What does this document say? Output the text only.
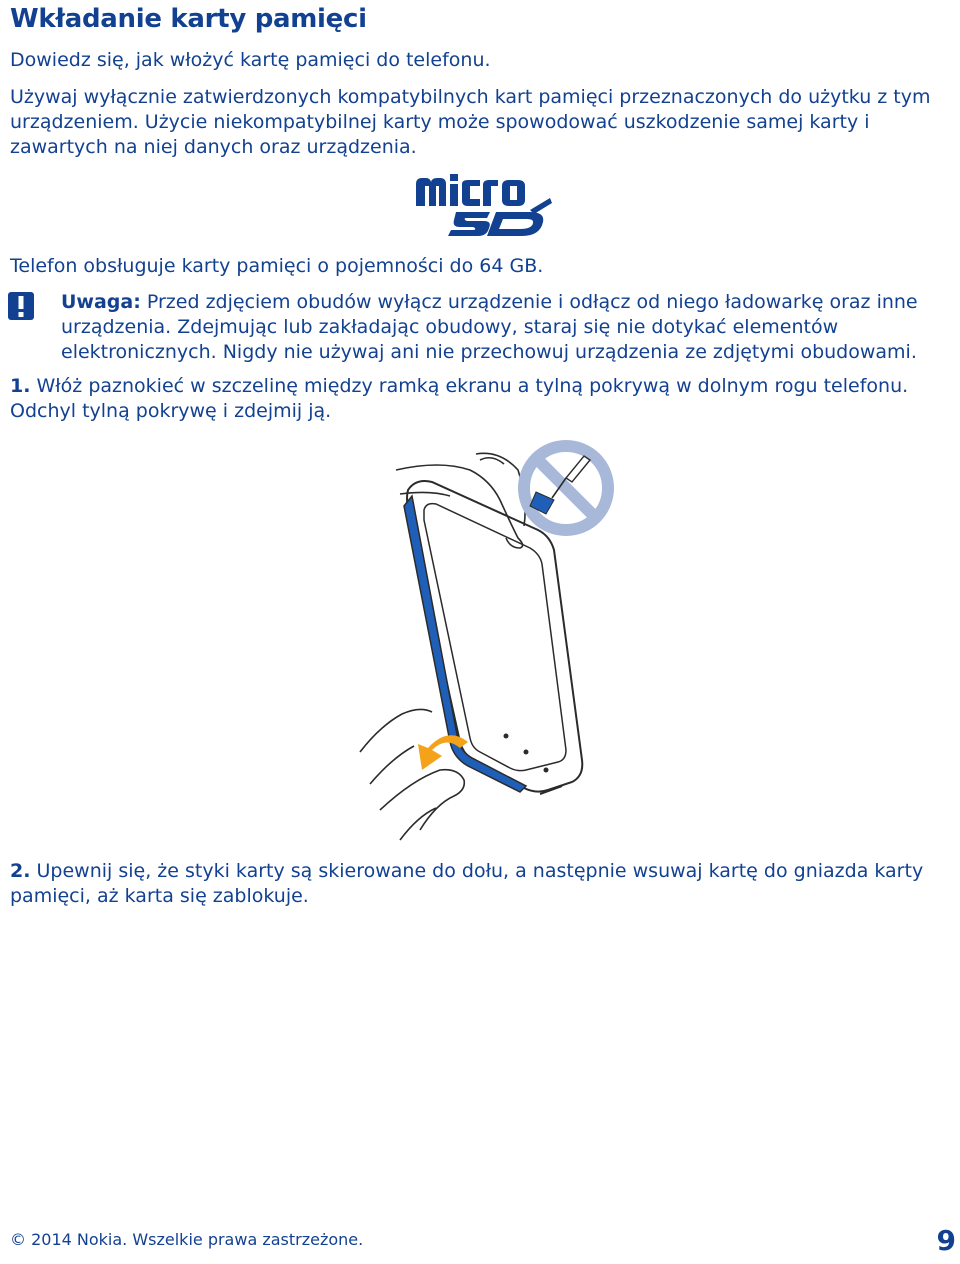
Wkładanie karty pamięci

Dowiedz się, jak włożyć kartę pamięci do telefonu.

Używaj wyłącznie zatwierdzonych kompatybilnych kart pamięci przeznaczonych do użytku z tym urządzeniem. Użycie niekompatybilnej karty może spowodować uszkodzenie samej karty i zawartych na niej danych oraz urządzenia.

Telefon obsługuje karty pamięci o pojemności do 64 GB.

Uwaga: Przed zdjęciem obudów wyłącz urządzenie i odłącz od niego ładowarkę oraz inne urządzenia. Zdejmując lub zakładając obudowy, staraj się nie dotykać elementów elektronicznych. Nigdy nie używaj ani nie przechowuj urządzenia ze zdjętymi obudowami.

1. Włóż paznokieć w szczelinę między ramką ekranu a tylną pokrywą w dolnym rogu telefonu. Odchyl tylną pokrywę i zdejmij ją.

2. Upewnij się, że styki karty są skierowane do dołu, a następnie wsuwaj kartę do gniazda karty pamięci, aż karta się zablokuje.

© 2014 Nokia. Wszelkie prawa zastrzeżone.	9
